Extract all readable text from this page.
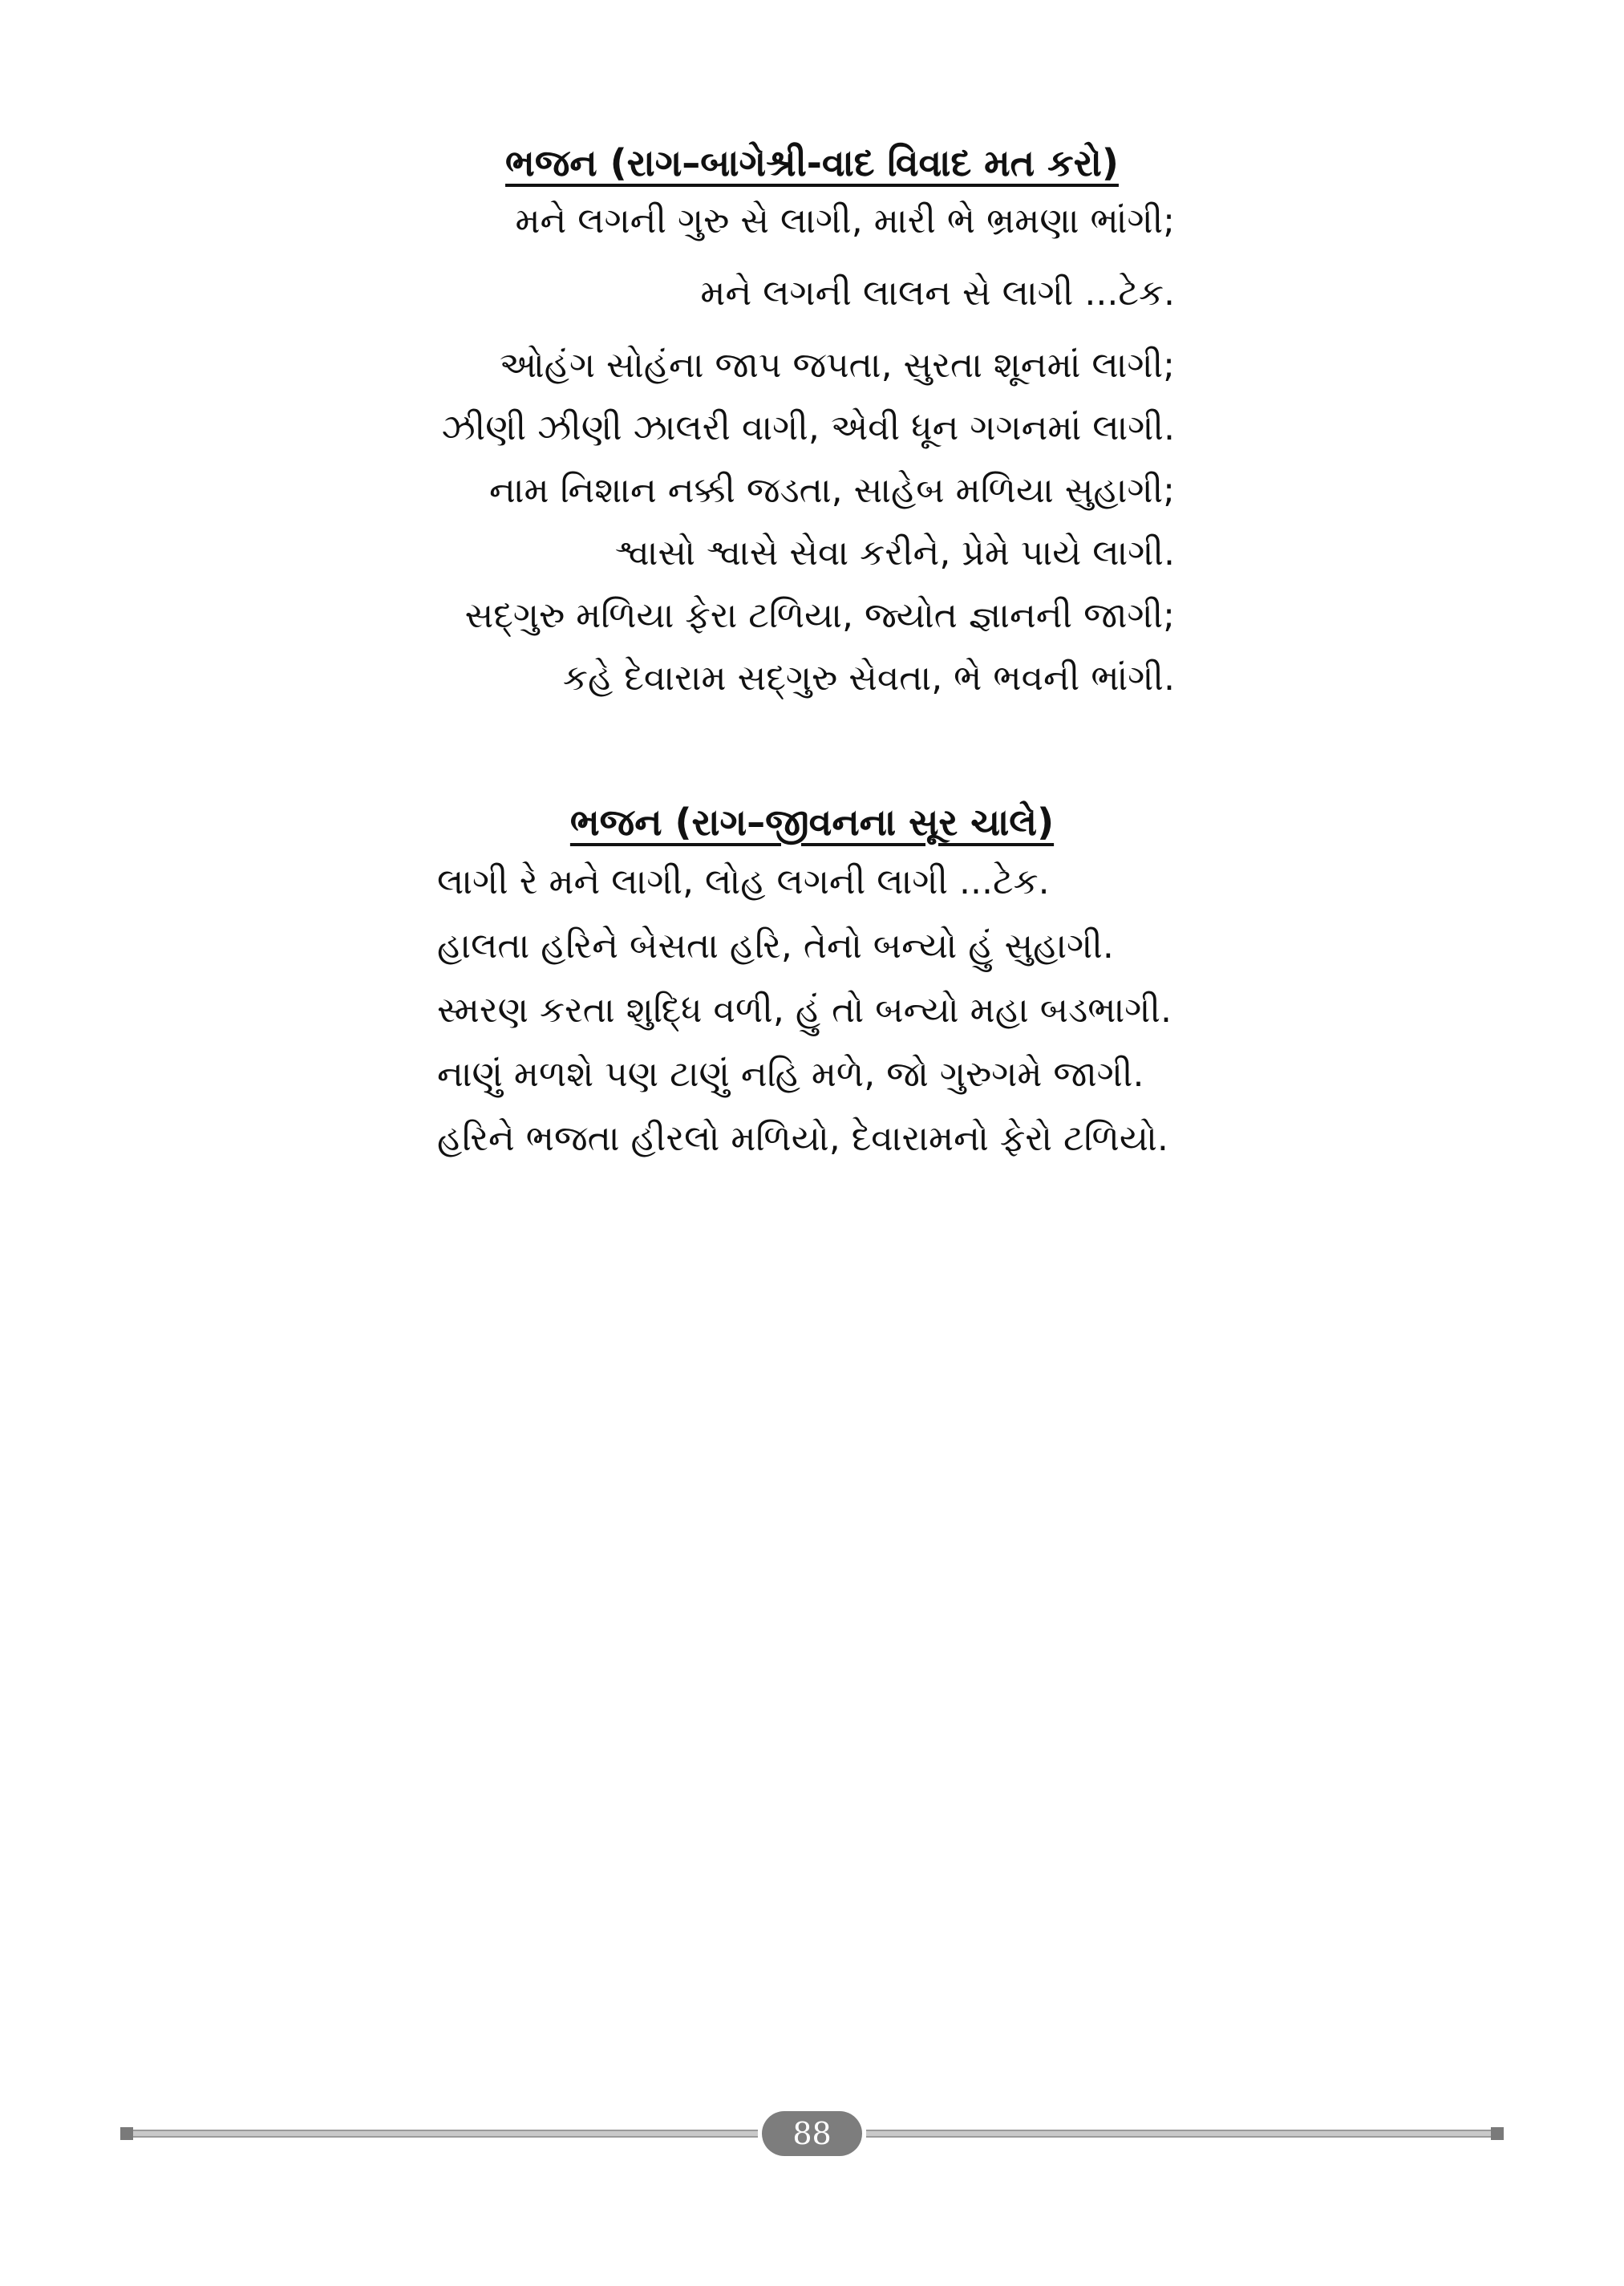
ભજન (રાગ–બાગેશ્રી-વાદ વિવાદ મત કરો)
મને લગની ગુરુ સે લાગી, મારી ભે ભ્રમણા ભાંગી;
મને લગની લાલન સે લાગી ...ટેક.
ઓહંગ સોહંના જાપ જપતા, સુરતા શૂનમાં લાગી;
ઝીણી ઝીણી ઝાલરી વાગી, એવી ધૂન ગગનમાં લાગી.
નામ નિશાન નક્કી જડતા, સાહેબ મળિયા સુહાગી;
શ્વાસો શ્વાસે સેવા કરીને, પ્રેમે પાયે લાગી.
સદ્‌ગુરુ મળિયા ફેરા ટળિયા, જ્યોત જ્ઞાનની જાગી;
કહે દેવારામ સદ્‌ગુરુ સેવતા, ભે ભવની ભાંગી.
ભજન (રાગ–જીવનના સૂર ચાલે)
લાગી રે મને લાગી, લોહ લગની લાગી ...ટેક.
હાલતા હરિને બેસતા હરિ, તેનો બન્યો હું સુહાગી.
સ્મરણ કરતા શુદ્ધિ વળી, હું તો બન્યો મહા બડભાગી.
નાણું મળશે પણ ટાણું નહિ મળે, જો ગુરુગમે જાગી.
હરિને ભજતા હીરલો મળિયો, દેવારામનો ફેરો ટળિયો.
88
